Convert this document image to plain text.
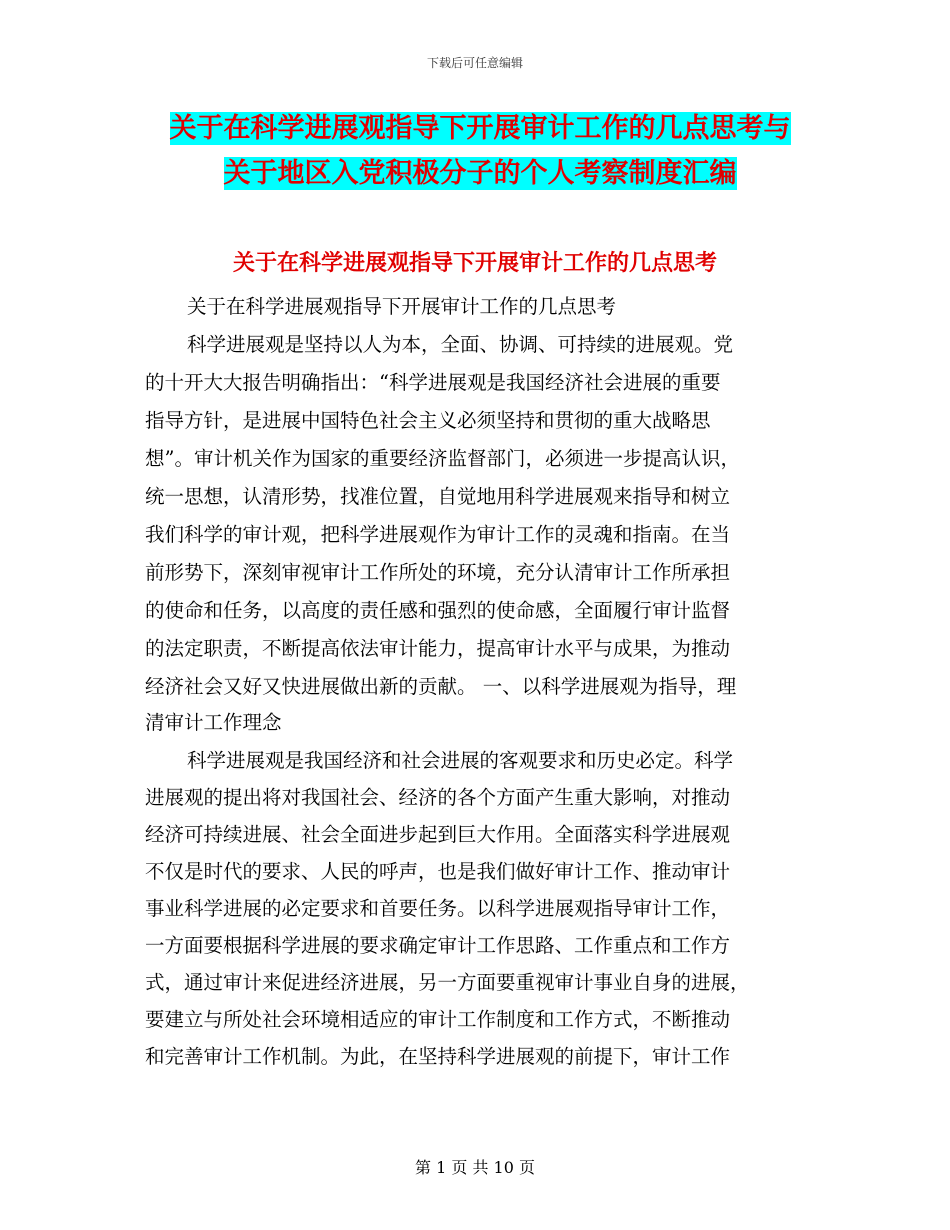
下载后可任意编辑
关于在科学进展观指导下开展审计工作的几点思考与
关于地区入党积极分子的个人考察制度汇编
关于在科学进展观指导下开展审计工作的几点思考
关于在科学进展观指导下开展审计工作的几点思考
科学进展观是坚持以人为本，全面、协调、可持续的进展观。党
的十开大大报告明确指出：“科学进展观是我国经济社会进展的重要
指导方针，是进展中国特色社会主义必须坚持和贯彻的重大战略思
想”。审计机关作为国家的重要经济监督部门，必须进一步提高认识，
统一思想，认清形势，找准位置，自觉地用科学进展观来指导和树立
我们科学的审计观，把科学进展观作为审计工作的灵魂和指南。在当
前形势下，深刻审视审计工作所处的环境，充分认清审计工作所承担
的使命和任务，以高度的责任感和强烈的使命感，全面履行审计监督
的法定职责，不断提高依法审计能力，提高审计水平与成果，为推动
经济社会又好又快进展做出新的贡献。 一、以科学进展观为指导，理
清审计工作理念
科学进展观是我国经济和社会进展的客观要求和历史必定。科学
进展观的提出将对我国社会、经济的各个方面产生重大影响，对推动
经济可持续进展、社会全面进步起到巨大作用。全面落实科学进展观
不仅是时代的要求、人民的呼声，也是我们做好审计工作、推动审计
事业科学进展的必定要求和首要任务。以科学进展观指导审计工作，
一方面要根据科学进展的要求确定审计工作思路、工作重点和工作方
式，通过审计来促进经济进展，另一方面要重视审计事业自身的进展，
要建立与所处社会环境相适应的审计工作制度和工作方式，不断推动
和完善审计工作机制。为此，在坚持科学进展观的前提下，审计工作
第 1 页 共 10 页
